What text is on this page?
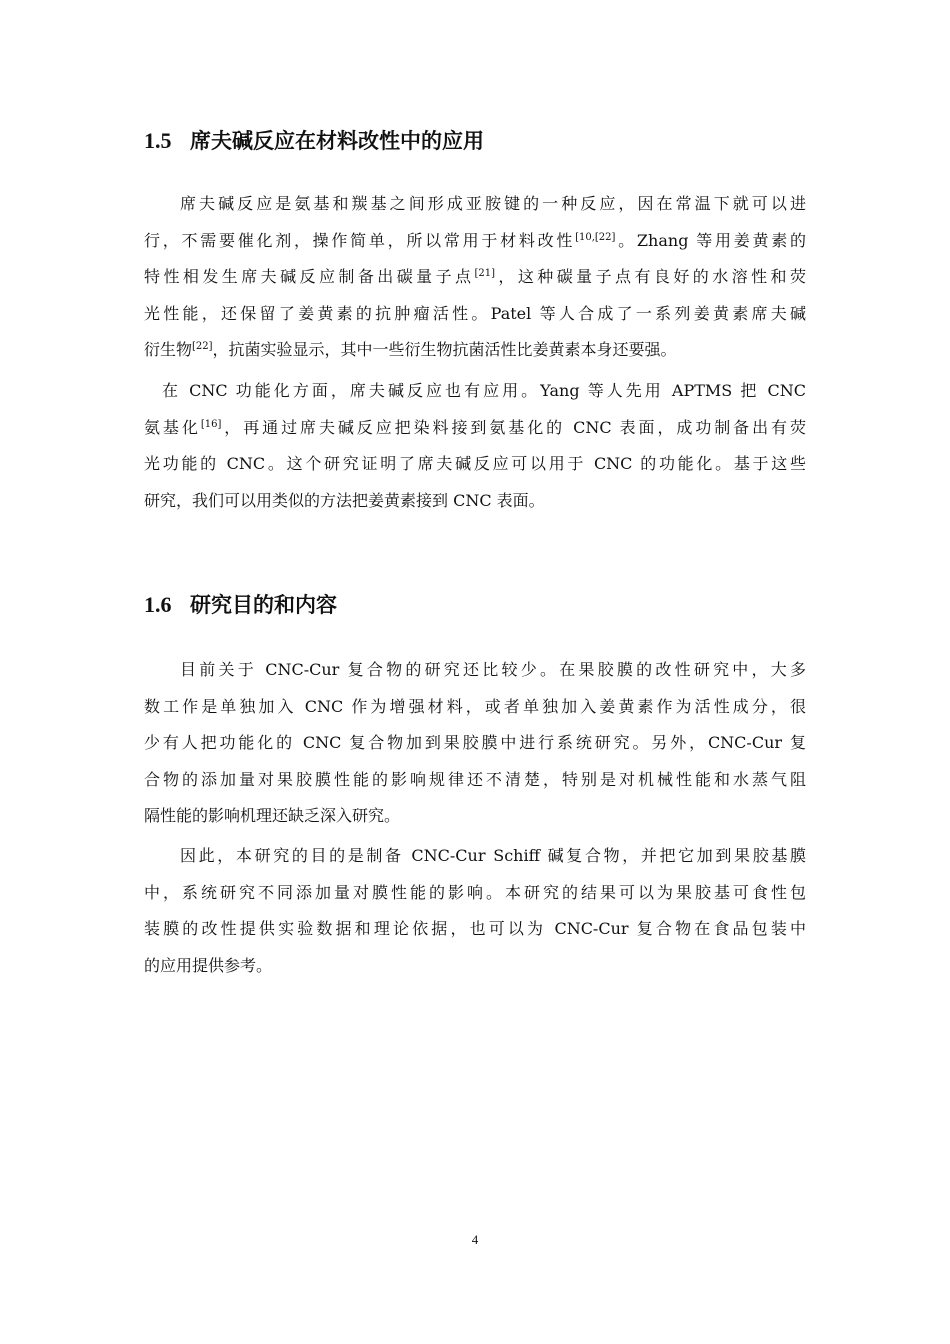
1.5 席夫碱反应在材料改性中的应用

席夫碱反应是氨基和羰基之间形成亚胺键的一种反应，因在常温下就可以进
行，不需要催化剂，操作简单，所以常用于材料改性[10,[22]。Zhang 等用姜黄素的
特性相发生席夫碱反应制备出碳量子点[21]，这种碳量子点有良好的水溶性和荧
光性能，还保留了姜黄素的抗肿瘤活性。Patel 等人合成了一系列姜黄素席夫碱
衍生物[22]，抗菌实验显示，其中一些衍生物抗菌活性比姜黄素本身还要强。

在 CNC 功能化方面，席夫碱反应也有应用。Yang 等人先用 APTMS 把 CNC
氨基化[16]，再通过席夫碱反应把染料接到氨基化的 CNC 表面，成功制备出有荧
光功能的 CNC。这个研究证明了席夫碱反应可以用于 CNC 的功能化。基于这些
研究，我们可以用类似的方法把姜黄素接到 CNC 表面。

1.6 研究目的和内容

目前关于 CNC-Cur 复合物的研究还比较少。在果胶膜的改性研究中，大多
数工作是单独加入 CNC 作为增强材料，或者单独加入姜黄素作为活性成分，很
少有人把功能化的 CNC 复合物加到果胶膜中进行系统研究。另外，CNC-Cur 复
合物的添加量对果胶膜性能的影响规律还不清楚，特别是对机械性能和水蒸气阻
隔性能的影响机理还缺乏深入研究。

因此，本研究的目的是制备 CNC-Cur Schiff 碱复合物，并把它加到果胶基膜
中，系统研究不同添加量对膜性能的影响。本研究的结果可以为果胶基可食性包
装膜的改性提供实验数据和理论依据，也可以为 CNC-Cur 复合物在食品包装中
的应用提供参考。

4
